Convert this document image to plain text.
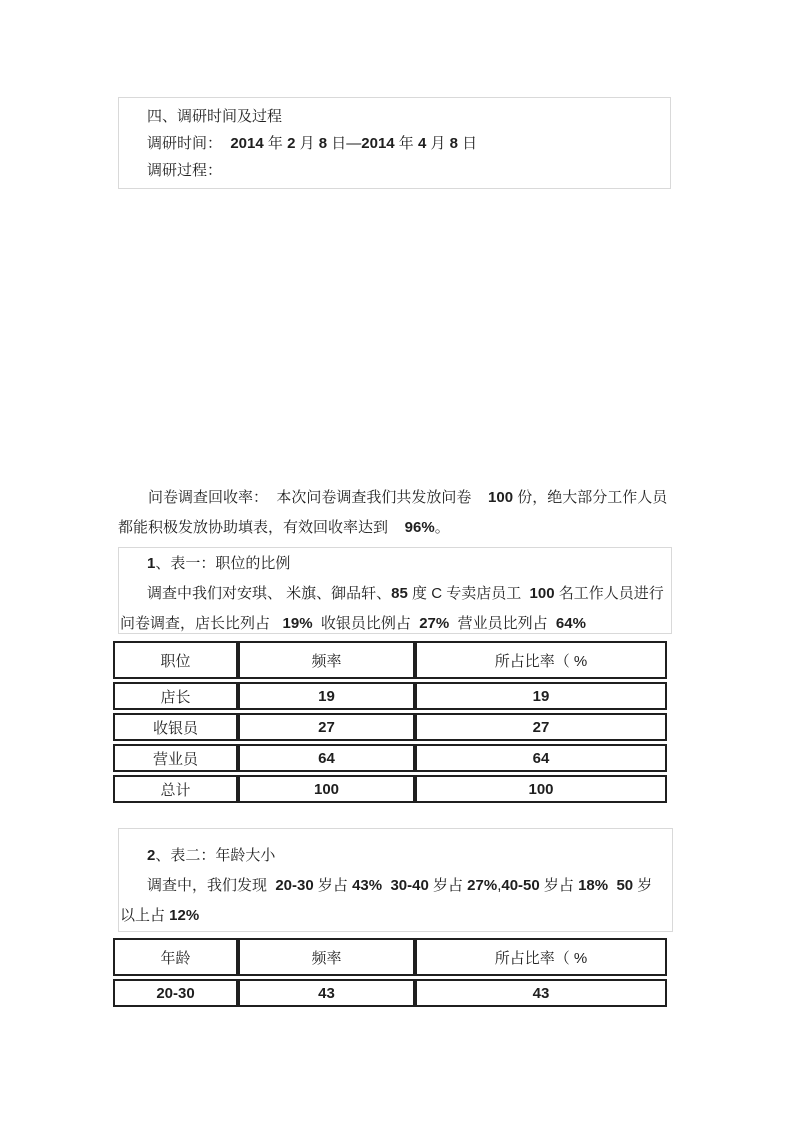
四、调研时间及过程
调研时间：  2014 年 2 月 8 日—2014 年 4 月 8 日
调研过程：
问卷调查回收率：  本次问卷调查我们共发放问卷    100 份，绝大部分工作人员
都能积极发放协助填表，有效回收率达到    96%。
1、表一：职位的比例
调查中我们对安琪、 米旗、御品轩、85 度 C 专卖店员工  100 名工作人员进行
问卷调查，店长比列占   19%  收银员比例占  27%  营业员比列占  64%
职位	频率	所占比率（ %
店长	19	19
收银员	27	27
营业员	64	64
总计	100	100
2、表二：年龄大小
调查中，我们发现  20-30 岁占 43% 30-40 岁占 27%,40-50 岁占 18% 50 岁
以上占 12%
年龄	频率	所占比率（ %
20-30	43	43
